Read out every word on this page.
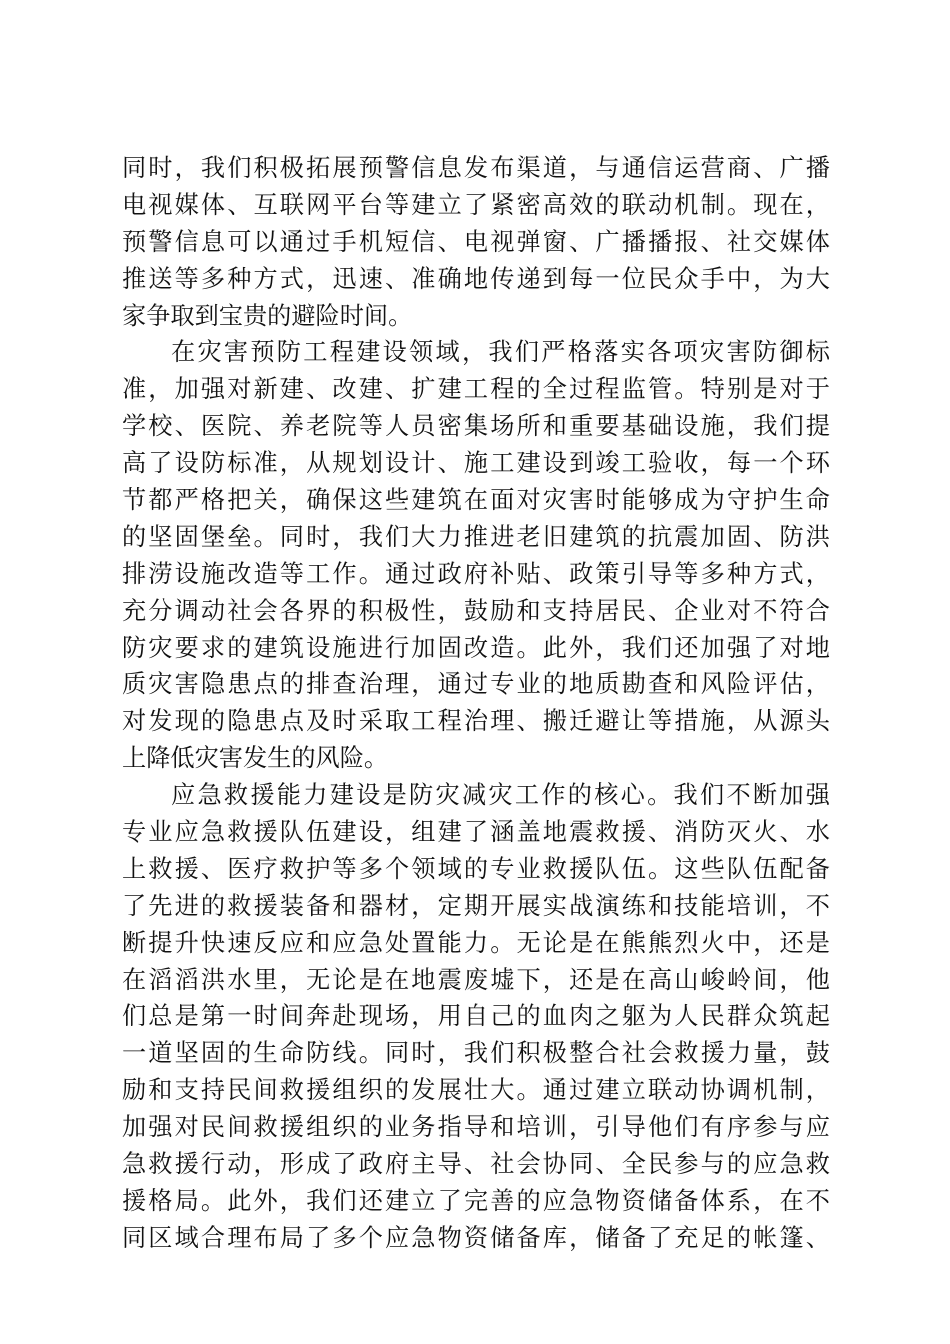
同时，我们积极拓展预警信息发布渠道，与通信运营商、广播
电视媒体、互联网平台等建立了紧密高效的联动机制。现在，
预警信息可以通过手机短信、电视弹窗、广播播报、社交媒体
推送等多种方式，迅速、准确地传递到每一位民众手中，为大
家争取到宝贵的避险时间。
在灾害预防工程建设领域，我们严格落实各项灾害防御标
准，加强对新建、改建、扩建工程的全过程监管。特别是对于
学校、医院、养老院等人员密集场所和重要基础设施，我们提
高了设防标准，从规划设计、施工建设到竣工验收，每一个环
节都严格把关，确保这些建筑在面对灾害时能够成为守护生命
的坚固堡垒。同时，我们大力推进老旧建筑的抗震加固、防洪
排涝设施改造等工作。通过政府补贴、政策引导等多种方式，
充分调动社会各界的积极性，鼓励和支持居民、企业对不符合
防灾要求的建筑设施进行加固改造。此外，我们还加强了对地
质灾害隐患点的排查治理，通过专业的地质勘查和风险评估，
对发现的隐患点及时采取工程治理、搬迁避让等措施，从源头
上降低灾害发生的风险。
应急救援能力建设是防灾减灾工作的核心。我们不断加强
专业应急救援队伍建设，组建了涵盖地震救援、消防灭火、水
上救援、医疗救护等多个领域的专业救援队伍。这些队伍配备
了先进的救援装备和器材，定期开展实战演练和技能培训，不
断提升快速反应和应急处置能力。无论是在熊熊烈火中，还是
在滔滔洪水里，无论是在地震废墟下，还是在高山峻岭间，他
们总是第一时间奔赴现场，用自己的血肉之躯为人民群众筑起
一道坚固的生命防线。同时，我们积极整合社会救援力量，鼓
励和支持民间救援组织的发展壮大。通过建立联动协调机制，
加强对民间救援组织的业务指导和培训，引导他们有序参与应
急救援行动，形成了政府主导、社会协同、全民参与的应急救
援格局。此外，我们还建立了完善的应急物资储备体系，在不
同区域合理布局了多个应急物资储备库，储备了充足的帐篷、
